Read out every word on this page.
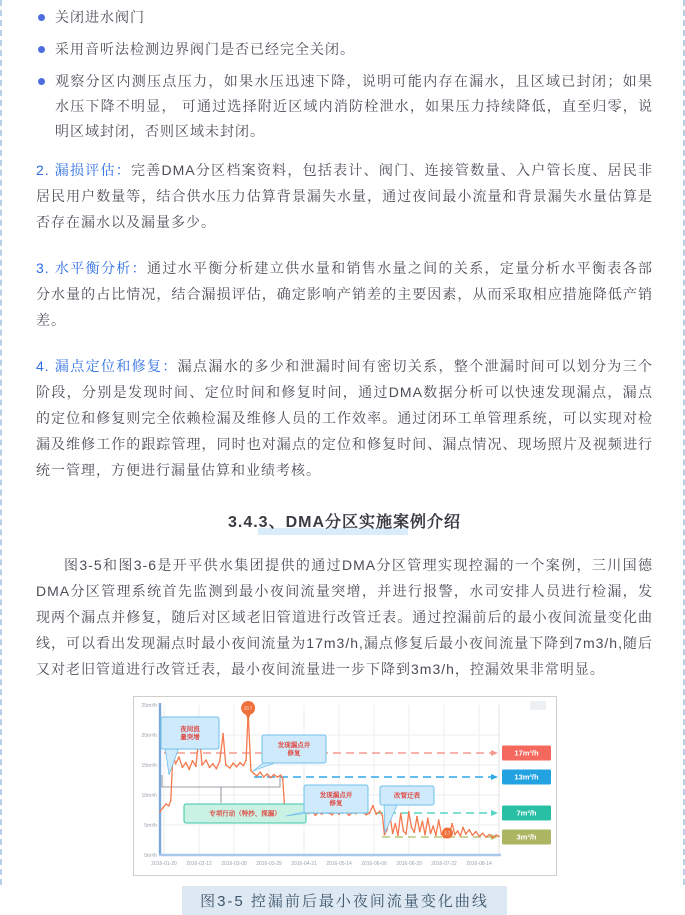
关闭进水阀门
采用音听法检测边界阀门是否已经完全关闭。
观察分区内测压点压力，如果水压迅速下降，说明可能内存在漏水，且区域已封闭；如果水压下降不明显， 可通过选择附近区域内消防栓泄水，如果压力持续降低，直至归零，说明区域封闭，否则区域未封闭。

2. 漏损评估：完善DMA分区档案资料，包括表计、阀门、连接管数量、入户管长度、居民非居民用户数量等，结合供水压力估算背景漏失水量，通过夜间最小流量和背景漏失水量估算是否存在漏水以及漏量多少。

3. 水平衡分析：通过水平衡分析建立供水量和销售水量之间的关系，定量分析水平衡表各部分水量的占比情况，结合漏损评估，确定影响产销差的主要因素，从而采取相应措施降低产销差。

4. 漏点定位和修复：漏点漏水的多少和泄漏时间有密切关系，整个泄漏时间可以划分为三个阶段，分别是发现时间、定位时间和修复时间，通过DMA数据分析可以快速发现漏点，漏点的定位和修复则完全依赖检漏及维修人员的工作效率。通过闭环工单管理系统，可以实现对检漏及维修工作的跟踪管理，同时也对漏点的定位和修复时间、漏点情况、现场照片及视频进行统一管理，方便进行漏量估算和业绩考核。

3.4.3、DMA分区实施案例介绍

图3-5和图3-6是开平供水集团提供的通过DMA分区管理实现控漏的一个案例，三川国德DMA分区管理系统首先监测到最小夜间流量突增，并进行报警，水司安排人员进行检漏，发现两个漏点并修复，随后对区域老旧管道进行改管迁表。通过控漏前后的最小夜间流量变化曲线，可以看出发现漏点时最小夜间流量为17m3/h,漏点修复后最小夜间流量下降到7m3/h,随后又对老旧管道进行改管迁表，最小夜间流量进一步下降到3m3/h，控漏效果非常明显。

25m³/h
20m³/h
15m³/h
10m³/h
5m³/h
0m³/h
2016-01-20 2016-02-12 2016-03-08 2016-03-29 2016-04-21 2016-05-14 2016-06-06 2016-06-29 2016-07-22 2016-08-14
17m³/h
13m³/h
7m³/h
3m³/h
夜间流
量突增
发现漏点并
修复
专项行动（特抄、探漏）
发现漏点并
修复
改管迁表
23.7
2.7
图3-5 控漏前后最小夜间流量变化曲线
